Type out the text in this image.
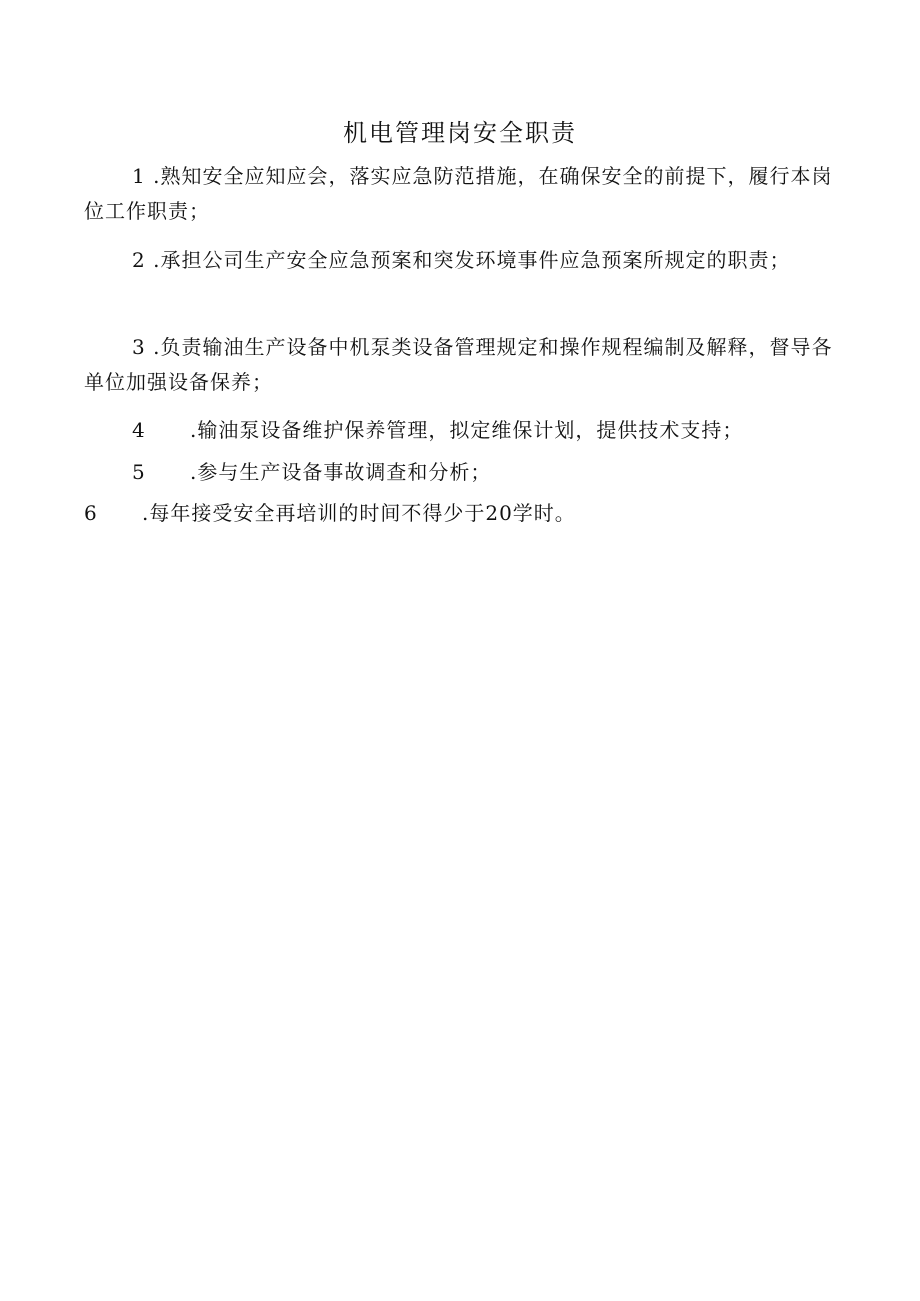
机电管理岗安全职责

1 .熟知安全应知应会，落实应急防范措施，在确保安全的前提下，履行本岗位工作职责；

2 .承担公司生产安全应急预案和突发环境事件应急预案所规定的职责；

3 .负责输油生产设备中机泵类设备管理规定和操作规程编制及解释，督导各单位加强设备保养；

4 .输油泵设备维护保养管理，拟定维保计划，提供技术支持；

5 .参与生产设备事故调查和分析；

6 .每年接受安全再培训的时间不得少于20学时。
